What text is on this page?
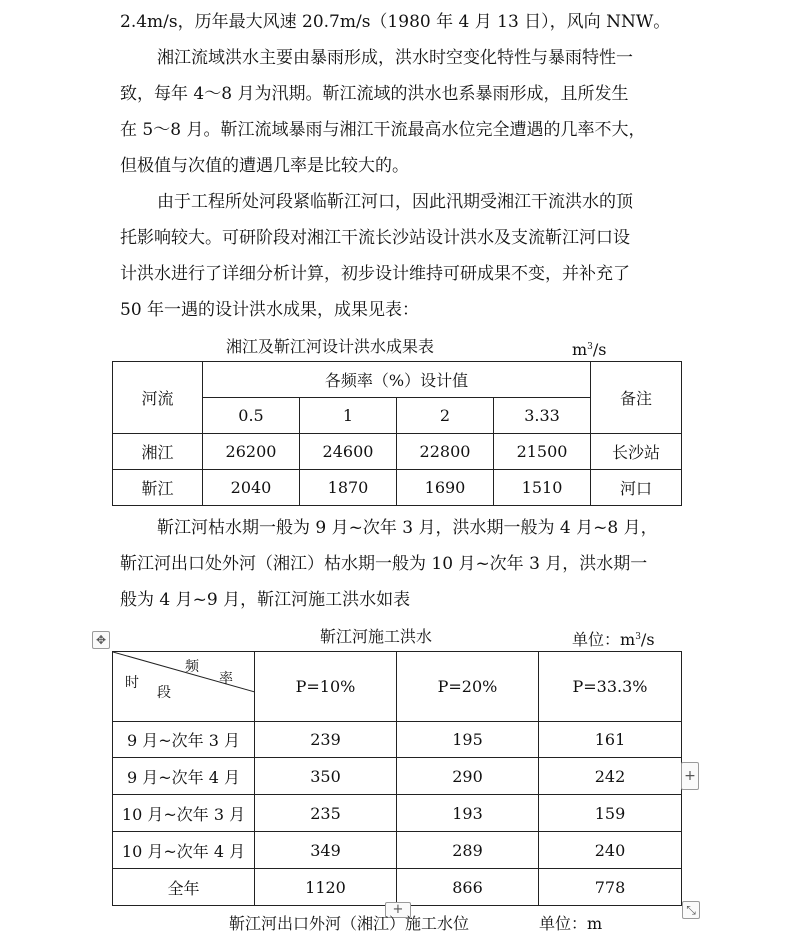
2.4m/s，历年最大风速 20.7m/s（1980 年 4 月 13 日），风向 NNW。
湘江流域洪水主要由暴雨形成，洪水时空变化特性与暴雨特性一
致，每年 4～8 月为汛期。靳江流域的洪水也系暴雨形成，且所发生
在 5～8 月。靳江流域暴雨与湘江干流最高水位完全遭遇的几率不大，
但极值与次值的遭遇几率是比较大的。
由于工程所处河段紧临靳江河口，因此汛期受湘江干流洪水的顶
托影响较大。可研阶段对湘江干流长沙站设计洪水及支流靳江河口设
计洪水进行了详细分析计算，初步设计维持可研成果不变，并补充了
50 年一遇的设计洪水成果，成果见表：
湘江及靳江河设计洪水成果表	$m^3/s$
河流	各频率（%）设计值				备注
	0.5	1	2	3.33	
湘江	26200	24600	22800	21500	长沙站
靳江	2040	1870	1690	1510	河口
靳江河枯水期一般为 9 月~次年 3 月，洪水期一般为 4 月~8 月，
靳江河出口处外河（湘江）枯水期一般为 10 月~次年 3 月，洪水期一
般为 4 月~9 月，靳江河施工洪水如表
✥	靳江河施工洪水	单位：$m^3/s$
频
率
时
段	P=10%	P=20%	P=33.3%
9 月~次年 3 月	239	195	161
9 月~次年 4 月	350	290	242
10 月~次年 3 月	235	193	159
10 月~次年 4 月	349	289	240
全年	1120	866	778
+
+	⤡
靳江河出口外河（湘江）施工水位	单位：m
